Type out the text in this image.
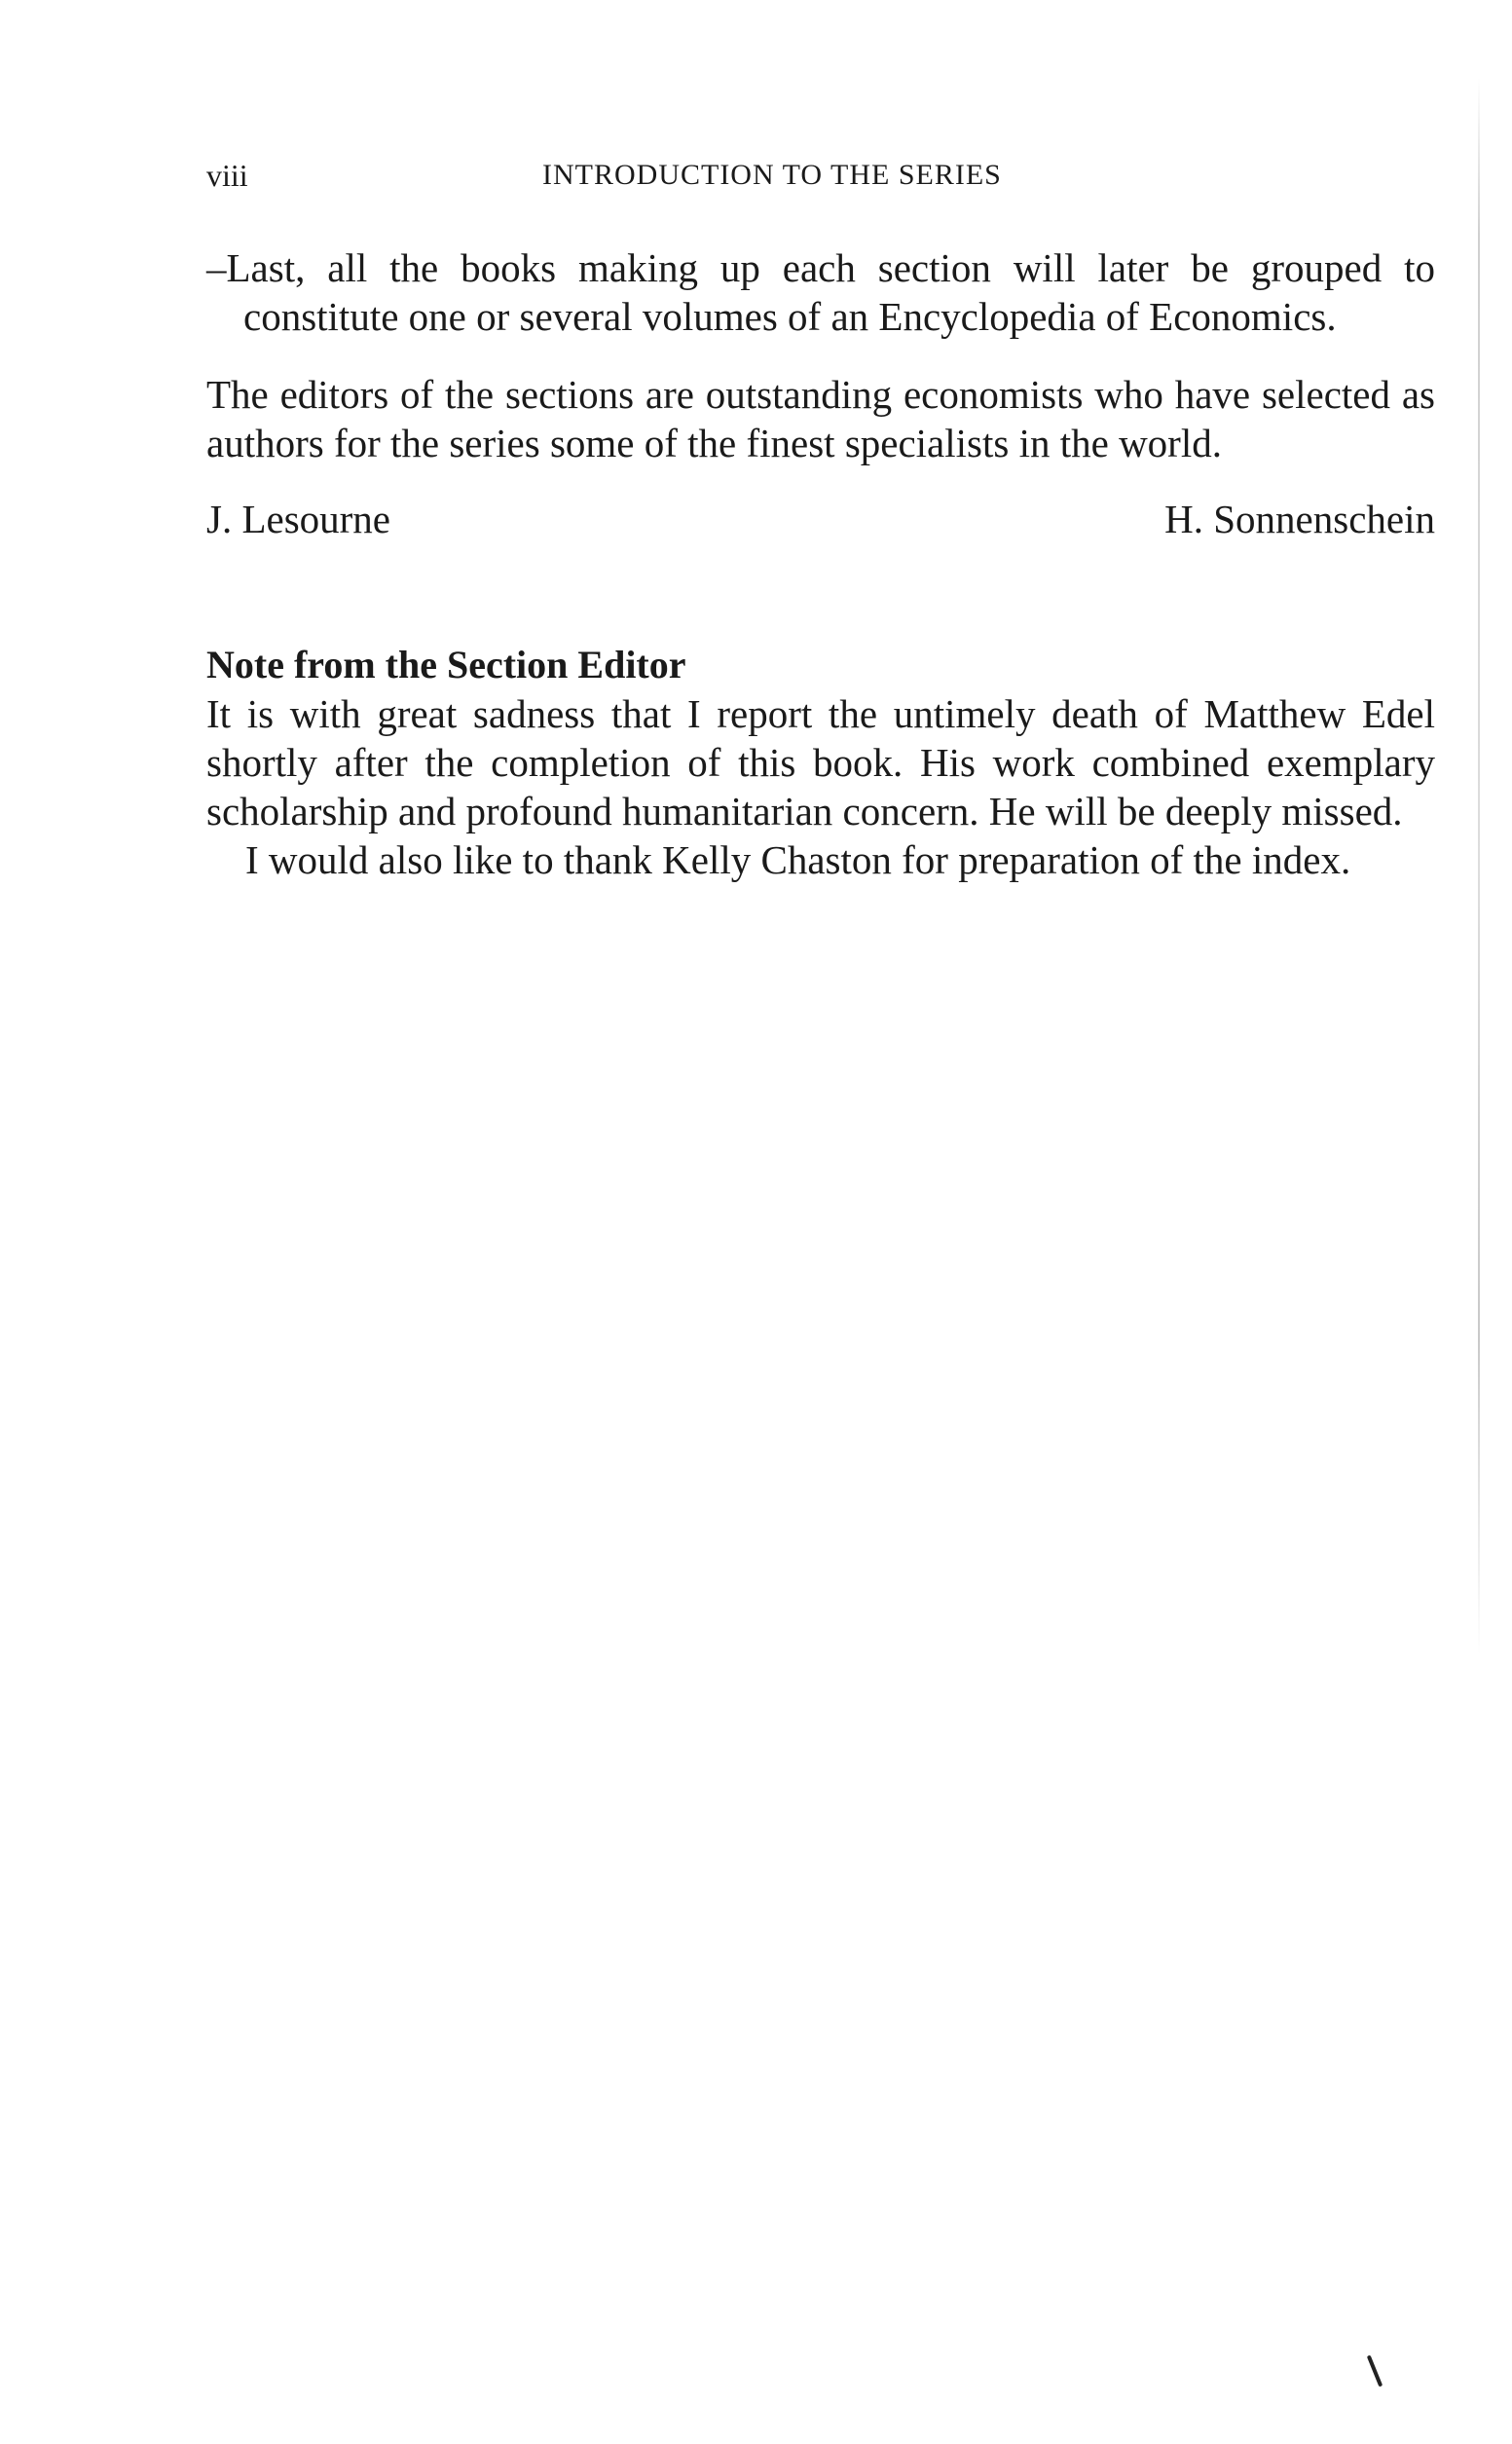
viii	INTRODUCTION TO THE SERIES

–Last, all the books making up each section will later be grouped to constitute one or several volumes of an Encyclopedia of Economics.

The editors of the sections are outstanding economists who have selected as authors for the series some of the finest specialists in the world.

J. Lesourne	H. Sonnenschein
Note from the Section Editor

It is with great sadness that I report the untimely death of Matthew Edel shortly after the completion of this book. His work combined exemplary scholarship and profound humanitarian concern. He will be deeply missed.

I would also like to thank Kelly Chaston for preparation of the index.
